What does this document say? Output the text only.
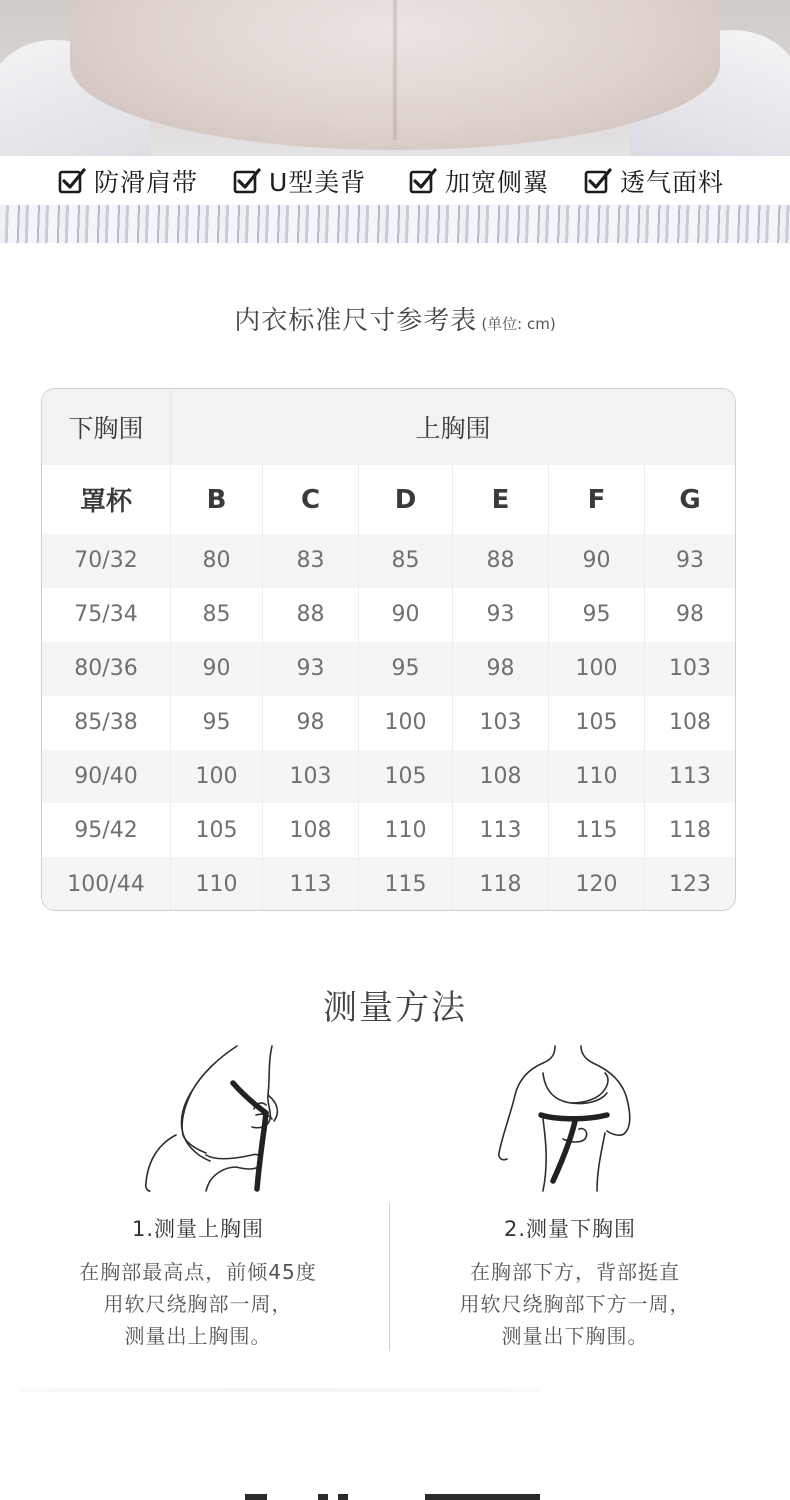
防滑肩带	U型美背	加宽侧翼	透气面料
内衣标准尺寸参考表 (单位: cm)
下胸围	上胸围
罩杯	B	C	D	E	F	G
70/32	80	83	85	88	90	93
75/34	85	88	90	93	95	98
80/36	90	93	95	98	100	103
85/38	95	98	100	103	105	108
90/40	100	103	105	108	110	113
95/42	105	108	110	113	115	118
100/44	110	113	115	118	120	123
测量方法
1.测量上胸围
在胸部最高点，前倾45度
用软尺绕胸部一周，
测量出上胸围。
2.测量下胸围
在胸部下方，背部挺直
用软尺绕胸部下方一周，
测量出下胸围。
